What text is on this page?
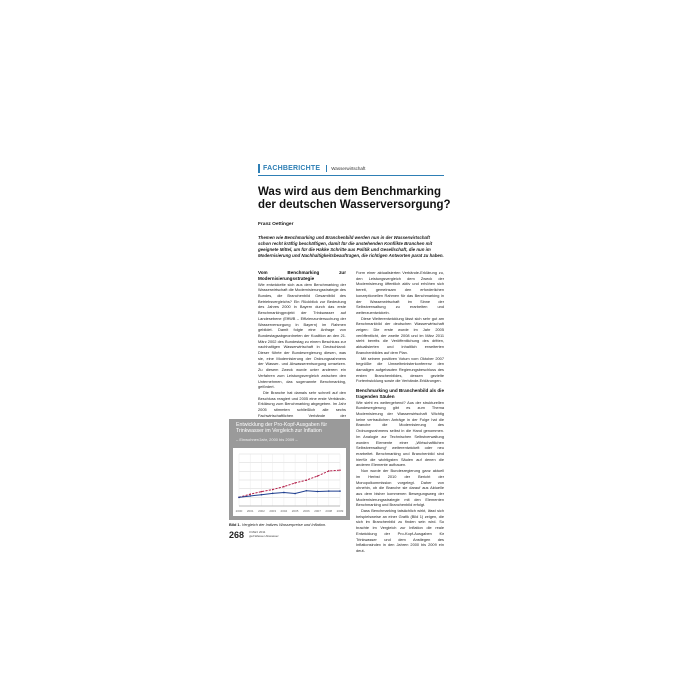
FACHBERICHTE	Wasserwirtschaft
Was wird aus dem Benchmarking
der deutschen Wasserversorgung?
Franz Oettinger
Themen wie Benchmarking und Branchenbild werden nun in der Wasserwirtschaft schon recht kräftig beschäftigen, damit für die anstehenden Konflikte Branchen mit geeignete Mittel, um für die Hakke Schritte aus Politik und Gesellschaft, die nun im Modernisierung und Nachhaltigkeitsbeauftragen, die richtigen Antworten parat zu haben.
Vom Benchmarking zur Modernisierungsstrategie

Wie entwickelte sich aus dem Benchmarking der Wasserwirtschaft die Modernisierungsstrategie des Bundes, die Branchenbild Gesamtbild des Betriebsvergleichs? Ein Rückblick zur Bedeutung des Jahres 2000 in Bayern durch das erste Benchmarkingprojekt der Trinkwasser auf Landesebene (EffWB – Effizienzuntersuchung der Wasserversorgung in Bayern) im Rahmen gebildet. Damit folgte eine Anfrage von Bundestagsabgeordneten der Koalition an den 21. März 2002 des Bundestag zu einem Beschluss zur nachhaltigen Wasserwirtschaft in Deutschland: Dieser führte der Bundesregierung diesen, was sie, eine Modernisierung der Ordnungsrahmens der Wasser- und Abwasserentsorgung umsetzen. Zu diesem Zweck wurde unter anderem ein Verfahren zum Leistungsvergleich zwischen den Unternehmen, das sogenannte Benchmarking, gefördert.

Die Branche hat damals sehr schnell auf den Beschluss reagiert und 2005 eine erste Verbände-Erklärung zum Benchmarking abgegeben. Im Jahr 2005 stimmten schließlich alle sechs Fachwirtschaftlichen Verbände der

Form einer aktualisierten Verbände-Erklärung zu, den Leistungsvergleich dem Zweck der Modernisierung öffentlich aktiv und erhöhen sich bereit, gemeinsam den erforderlichen konzeptionellen Rahmen für das Benchmarking in der Wasserwirtschaft im Sinne der Selbstverwaltung zu erarbeiten und weiterzuentwickeln.

Diese Weiterentwicklung lässt sich sehr gut am Benchmarkbild der deutschen Wasserwirtschaft zeigen: Die erste wurde im Jahr 2005 veröffentlicht, der zweite 2008 und im März 2011 steht bereits die Veröffentlichung des dritten, aktualisierten und inhaltlich erweiterten Branchenbildes auf dem Plan.

Mit seinem positiven Votum vom Oktober 2007 begrüßte die Umweltministerkonferenz den damaligen aufgebauten Regierungsbeschluss des ersten Branchenbildes, dessen gezielte Fortentwicklung sowie die Verbände-Erklärungen.

Benchmarking und Branchenbild als die tragenden Säulen

Wie sieht es weitergehend? Aus der strukturellen Bundesregierung gibt es zum Thema Modernisierung der Wasserwirtschaft Wichtig keine vertraulichen Anträge in der Folge hat die Branche die Modernisierung des Ordnungsrahmens selbst in die Hand genommen. Im Analogie zur Technischen Selbstverwaltung wurden Elemente einer „Wirtschaftlichen Selbstverwaltung“ weiterentwickelt oder neu erarbeitet. Benchmarking und Branchenbild sind hierfür die wichtigsten Säulen auf denen die anderen Elemente aufbauen.

Nun wurde der Bundesregierung ganz aktuell im Herbst 2010 der Bericht der Monopolkommission vorgelegt. Daher von ohnehin, ob die Branche sie darauf aus Aktuelle aus dem bisher kommenen Bewegungsweg der Modernisierungsstrategie mit den Elementen Benchmarking und Branchenbild erfolgt.

Dass Benchmarking tatsächlich wirkt, lässt sich beispielsweise an einer Grafik (Bild 1) zeigen, die sich im Branchenbild zu finden sein wird. So brachte im Vergleich zur Inflation die reale Entwicklung der Pro-Kopf-Ausgaben für Trinkwasser und dem Anstiegen des Inflationsindex in den Jahren 2000 bis 2009 ein deut-

Entwicklung der Pro-Kopf-Ausgaben für Trinkwasser im Vergleich zur Inflation
– Einwohner/Jahr, 2000 bis 2009 –
2000 2001 2002 2003 2004 2005 2006 2007 2008 2009
Bild 1. Vergleich der Indizes Wasserpreise und Inflation.
268 3 März 2011
gwf-Wasser Abwasser
